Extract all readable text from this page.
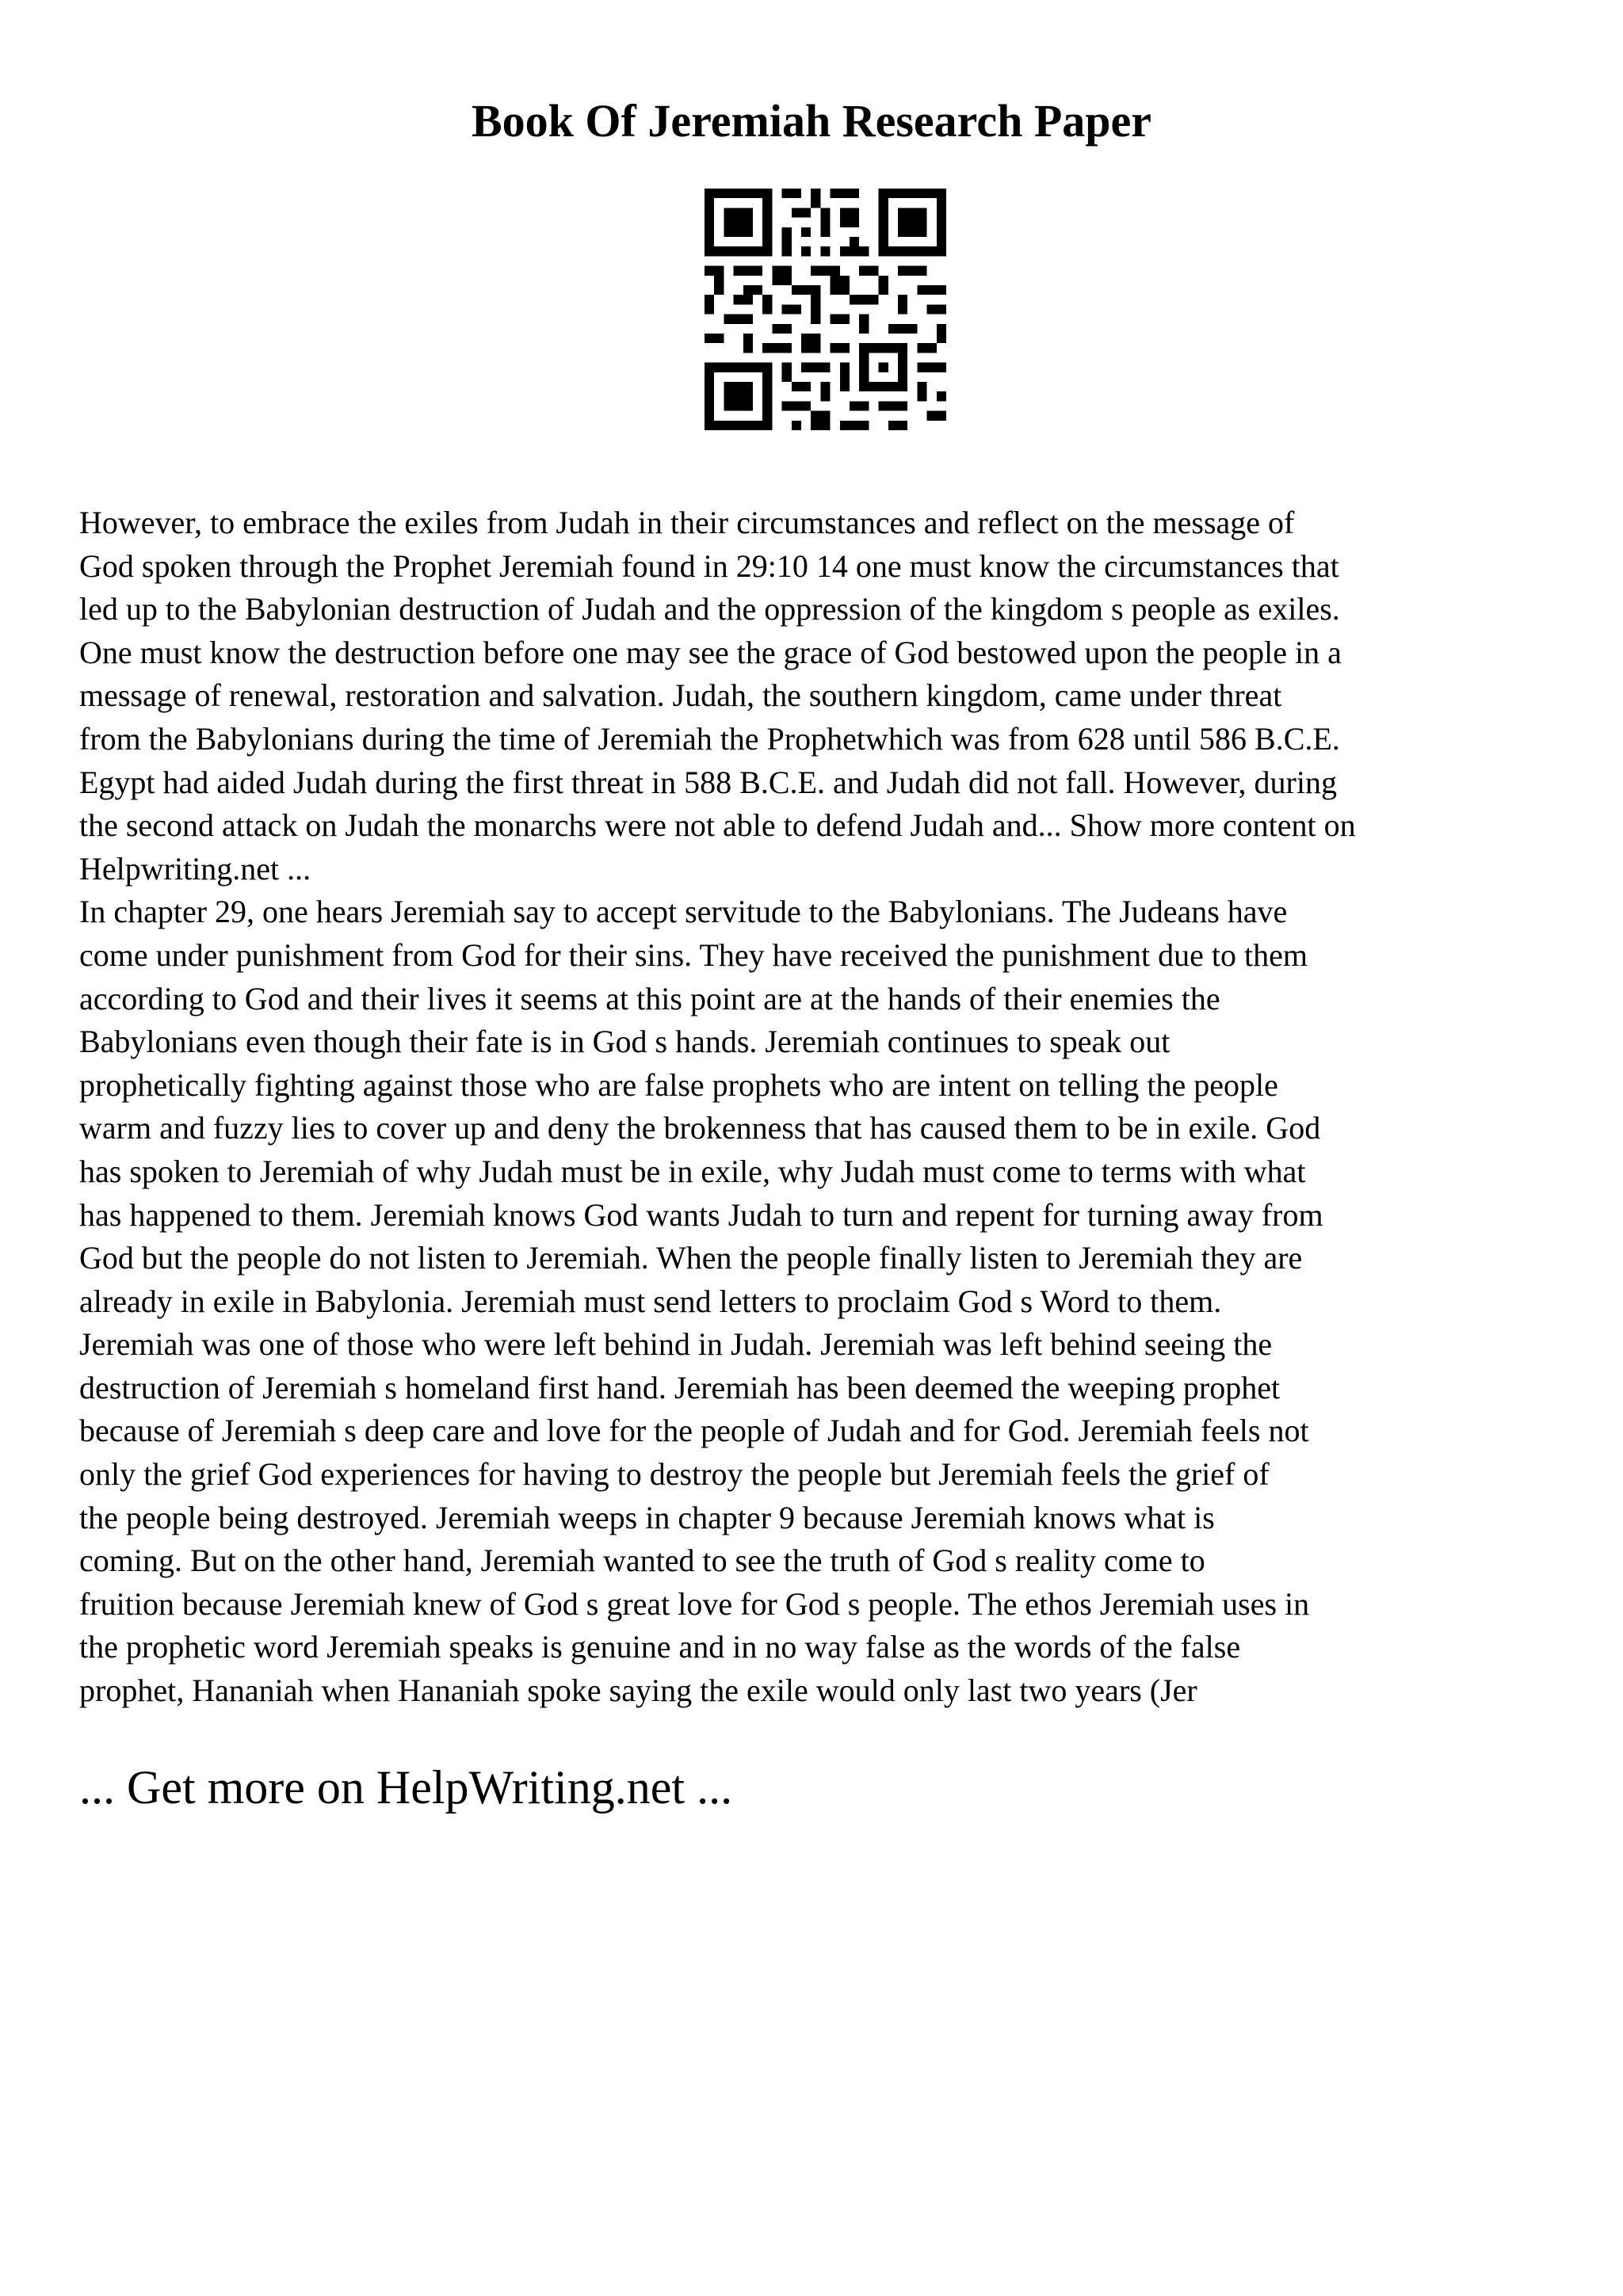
Book Of Jeremiah Research Paper

However, to embrace the exiles from Judah in their circumstances and reflect on the message of
God spoken through the Prophet Jeremiah found in 29:10 14 one must know the circumstances that
led up to the Babylonian destruction of Judah and the oppression of the kingdom s people as exiles.
One must know the destruction before one may see the grace of God bestowed upon the people in a
message of renewal, restoration and salvation. Judah, the southern kingdom, came under threat
from the Babylonians during the time of Jeremiah the Prophetwhich was from 628 until 586 B.C.E.
Egypt had aided Judah during the first threat in 588 B.C.E. and Judah did not fall. However, during
the second attack on Judah the monarchs were not able to defend Judah and... Show more content on
Helpwriting.net ...

In chapter 29, one hears Jeremiah say to accept servitude to the Babylonians. The Judeans have
come under punishment from God for their sins. They have received the punishment due to them
according to God and their lives it seems at this point are at the hands of their enemies the
Babylonians even though their fate is in God s hands. Jeremiah continues to speak out
prophetically fighting against those who are false prophets who are intent on telling the people
warm and fuzzy lies to cover up and deny the brokenness that has caused them to be in exile. God
has spoken to Jeremiah of why Judah must be in exile, why Judah must come to terms with what
has happened to them. Jeremiah knows God wants Judah to turn and repent for turning away from
God but the people do not listen to Jeremiah. When the people finally listen to Jeremiah they are
already in exile in Babylonia. Jeremiah must send letters to proclaim God s Word to them.
Jeremiah was one of those who were left behind in Judah. Jeremiah was left behind seeing the
destruction of Jeremiah s homeland first hand. Jeremiah has been deemed the weeping prophet
because of Jeremiah s deep care and love for the people of Judah and for God. Jeremiah feels not
only the grief God experiences for having to destroy the people but Jeremiah feels the grief of
the people being destroyed. Jeremiah weeps in chapter 9 because Jeremiah knows what is
coming. But on the other hand, Jeremiah wanted to see the truth of God s reality come to
fruition because Jeremiah knew of God s great love for God s people. The ethos Jeremiah uses in
the prophetic word Jeremiah speaks is genuine and in no way false as the words of the false
prophet, Hananiah when Hananiah spoke saying the exile would only last two years (Jer

... Get more on HelpWriting.net ...
